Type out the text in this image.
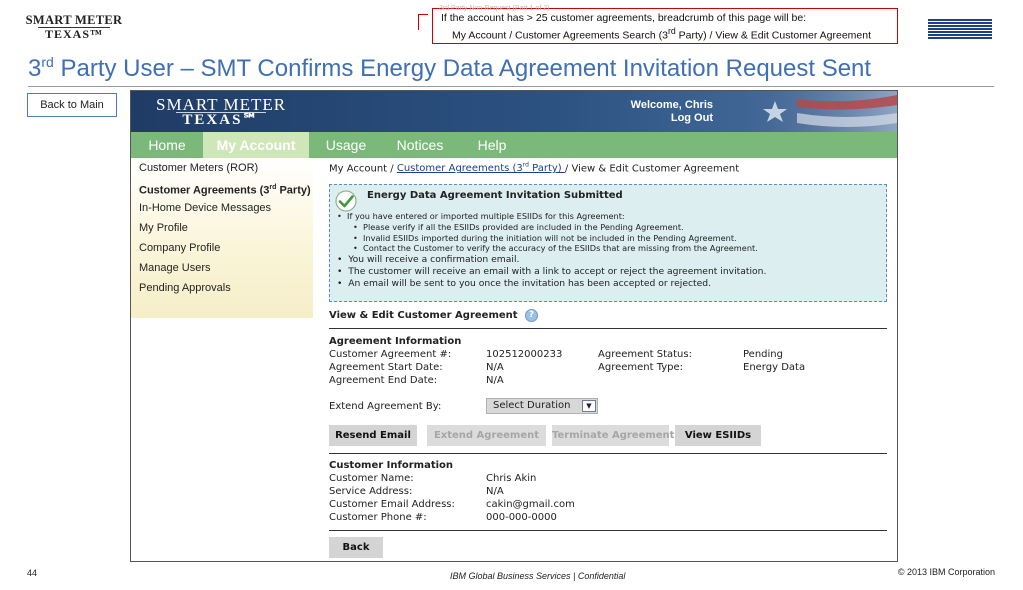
SMART METER
TEXAS™
3rd Party Non-Request (Part 1 of 2)
If the account has > 25 customer agreements, breadcrumb of this page will be:
My Account / Customer Agreements Search (3rd Party) / View & Edit Customer Agreement
3rd Party User – SMT Confirms Energy Data Agreement Invitation Request Sent
Back to Main	SMART METER
TEXAS℠
Welcome, Chris
Log Out
Home	My Account	Usage	Notices	Help
Customer Meters (ROR)
Customer Agreements (3rd Party)
In-Home Device Messages
My Profile
Company Profile
Manage Users
Pending Approvals
My Account / Customer Agreements (3rd Party) / View & Edit Customer Agreement
Energy Data Agreement Invitation Submitted
•  If you have entered or imported multiple ESIIDs for this Agreement:
•  Please verify if all the ESIIDs provided are included in the Pending Agreement.
•  Invalid ESIIDs imported during the initiation will not be included in the Pending Agreement.
•  Contact the Customer to verify the accuracy of the ESIIDs that are missing from the Agreement.
•  You will receive a confirmation email.
•  The customer will receive an email with a link to accept or reject the agreement invitation.
•  An email will be sent to you once the invitation has been accepted or rejected.
View & Edit Customer Agreement	?
Agreement Information
Customer Agreement #:	102512000233	Agreement Status:	Pending
Agreement Start Date:	N/A	Agreement Type:	Energy Data
Agreement End Date:	N/A
Extend Agreement By:	Select Duration	▼
Resend Email	Extend Agreement	Terminate Agreement	View ESIIDs
Customer Information
Customer Name:	Chris Akin
Service Address:	N/A
Customer Email Address:	cakin@gmail.com
Customer Phone #:	000-000-0000
Back
44	IBM Global Business Services | Confidential	© 2013 IBM Corporation
